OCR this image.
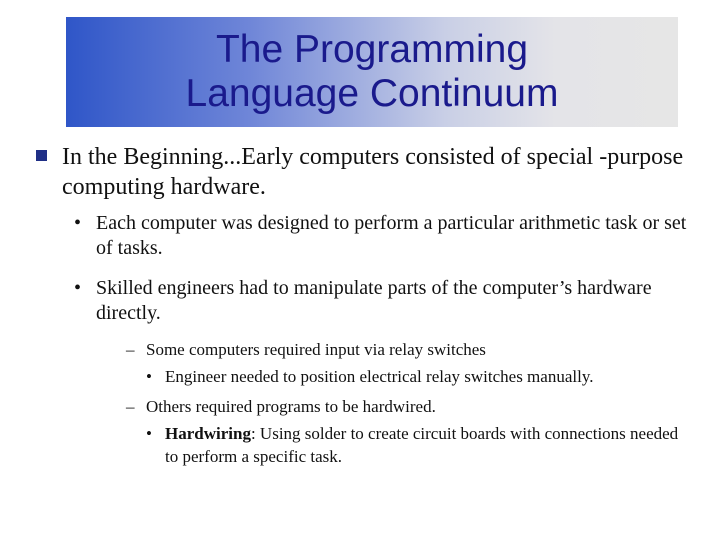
The Programming
Language Continuum
In the Beginning...Early computers consisted of special -purpose computing hardware.
• Each computer was designed to perform a particular arithmetic task or set of tasks.
• Skilled engineers had to manipulate parts of the computer’s hardware directly.
– Some computers required input via relay switches
• Engineer needed to position electrical relay switches manually.
– Others required programs to be hardwired.
• Hardwiring: Using solder to create circuit boards with connections needed to perform a specific task.
